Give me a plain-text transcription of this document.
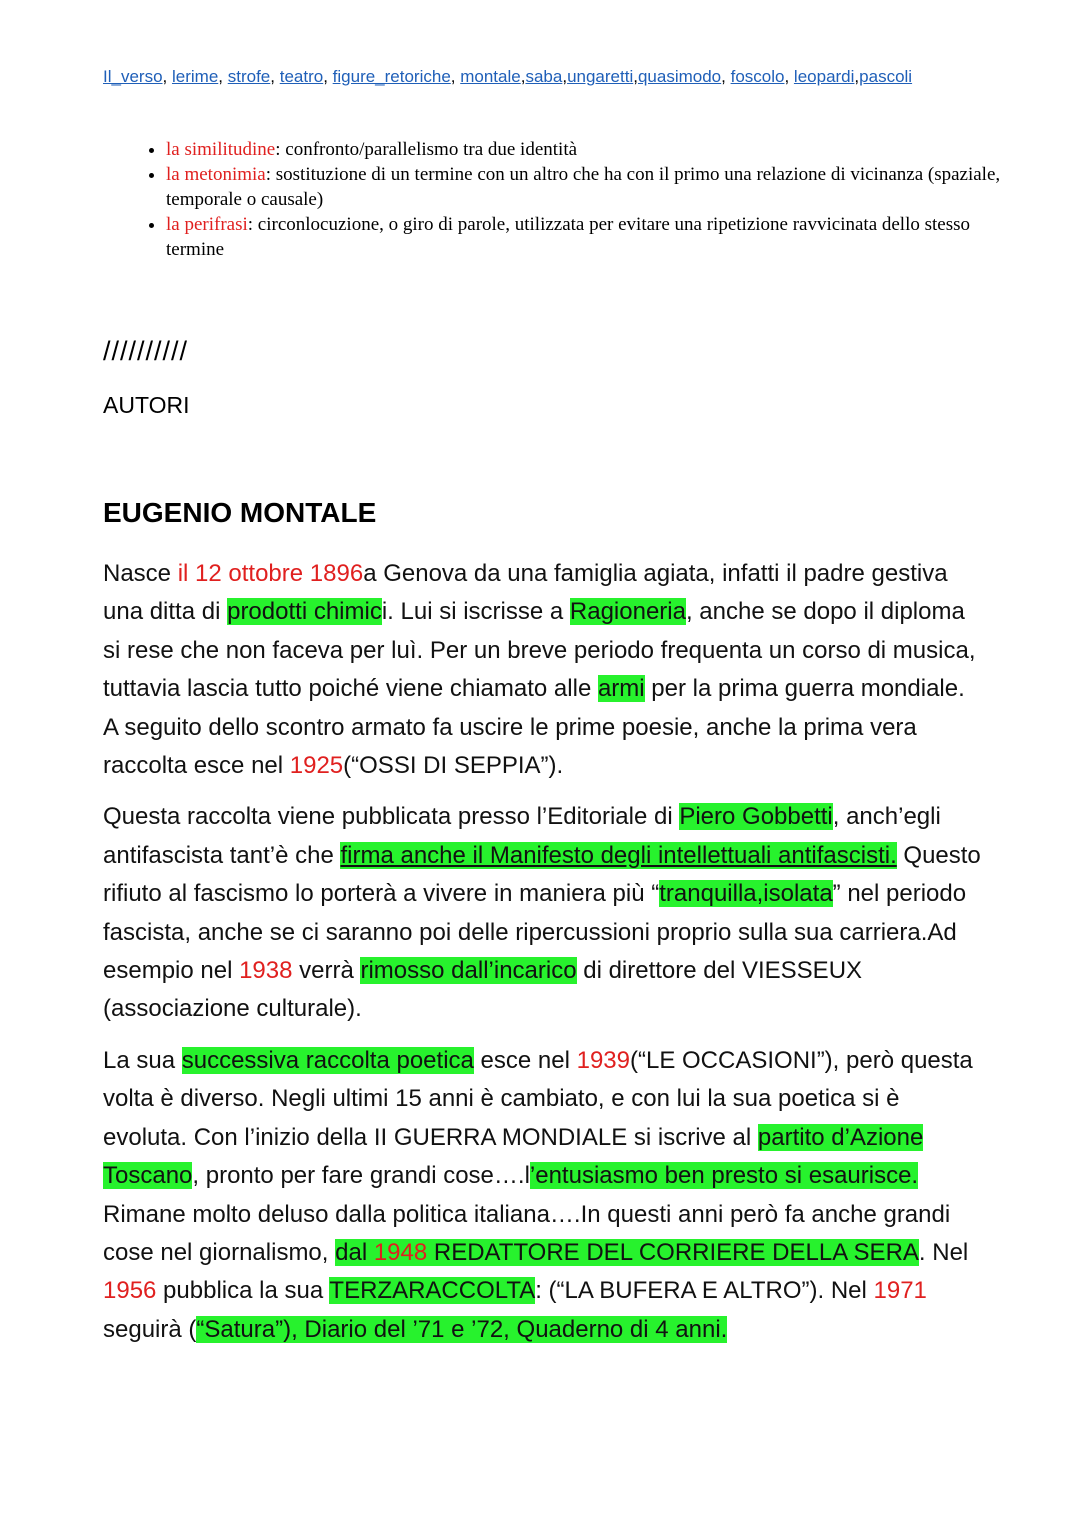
Il_verso, lerime, strofe, teatro, figure_retoriche, montale,saba,ungaretti,quasimodo, foscolo, leopardi,pascoli
• la similitudine: confronto/parallelismo tra due identità
• la metonimia: sostituzione di un termine con un altro che ha con il primo una relazione di vicinanza (spaziale, temporale o causale)
• la perifrasi: circonlocuzione, o giro di parole, utilizzata per evitare una ripetizione ravvicinata dello stesso termine
//////////
AUTORI
EUGENIO MONTALE

Nasce il 12 ottobre 1896a Genova da una famiglia agiata, infatti il padre gestiva una ditta di prodotti chimici. Lui si iscrisse a Ragioneria, anche se dopo il diploma si rese che non faceva per luì. Per un breve periodo frequenta un corso di musica, tuttavia lascia tutto poiché viene chiamato alle armi per la prima guerra mondiale. A seguito dello scontro armato fa uscire le prime poesie, anche la prima vera raccolta esce nel 1925(“OSSI DI SEPPIA”).

Questa raccolta viene pubblicata presso l’Editoriale di Piero Gobbetti, anch’egli antifascista tant’è che firma anche il Manifesto degli intellettuali antifascisti. Questo rifiuto al fascismo lo porterà a vivere in maniera più “tranquilla,isolata” nel periodo fascista, anche se ci saranno poi delle ripercussioni proprio sulla sua carriera.Ad esempio nel 1938 verrà rimosso dall’incarico di direttore del VIESSEUX (associazione culturale).

La sua successiva raccolta poetica esce nel 1939(“LE OCCASIONI”), però questa volta è diverso. Negli ultimi 15 anni è cambiato, e con lui la sua poetica si è evoluta. Con l’inizio della II GUERRA MONDIALE si iscrive al partito d’Azione Toscano, pronto per fare grandi cose….l’entusiasmo ben presto si esaurisce. Rimane molto deluso dalla politica italiana….In questi anni però fa anche grandi cose nel giornalismo, dal 1948 REDATTORE DEL CORRIERE DELLA SERA. Nel 1956 pubblica la sua TERZARACCOLTA: (“LA BUFERA E ALTRO”). Nel 1971 seguirà (“Satura”), Diario del ’71 e ’72, Quaderno di 4 anni.
